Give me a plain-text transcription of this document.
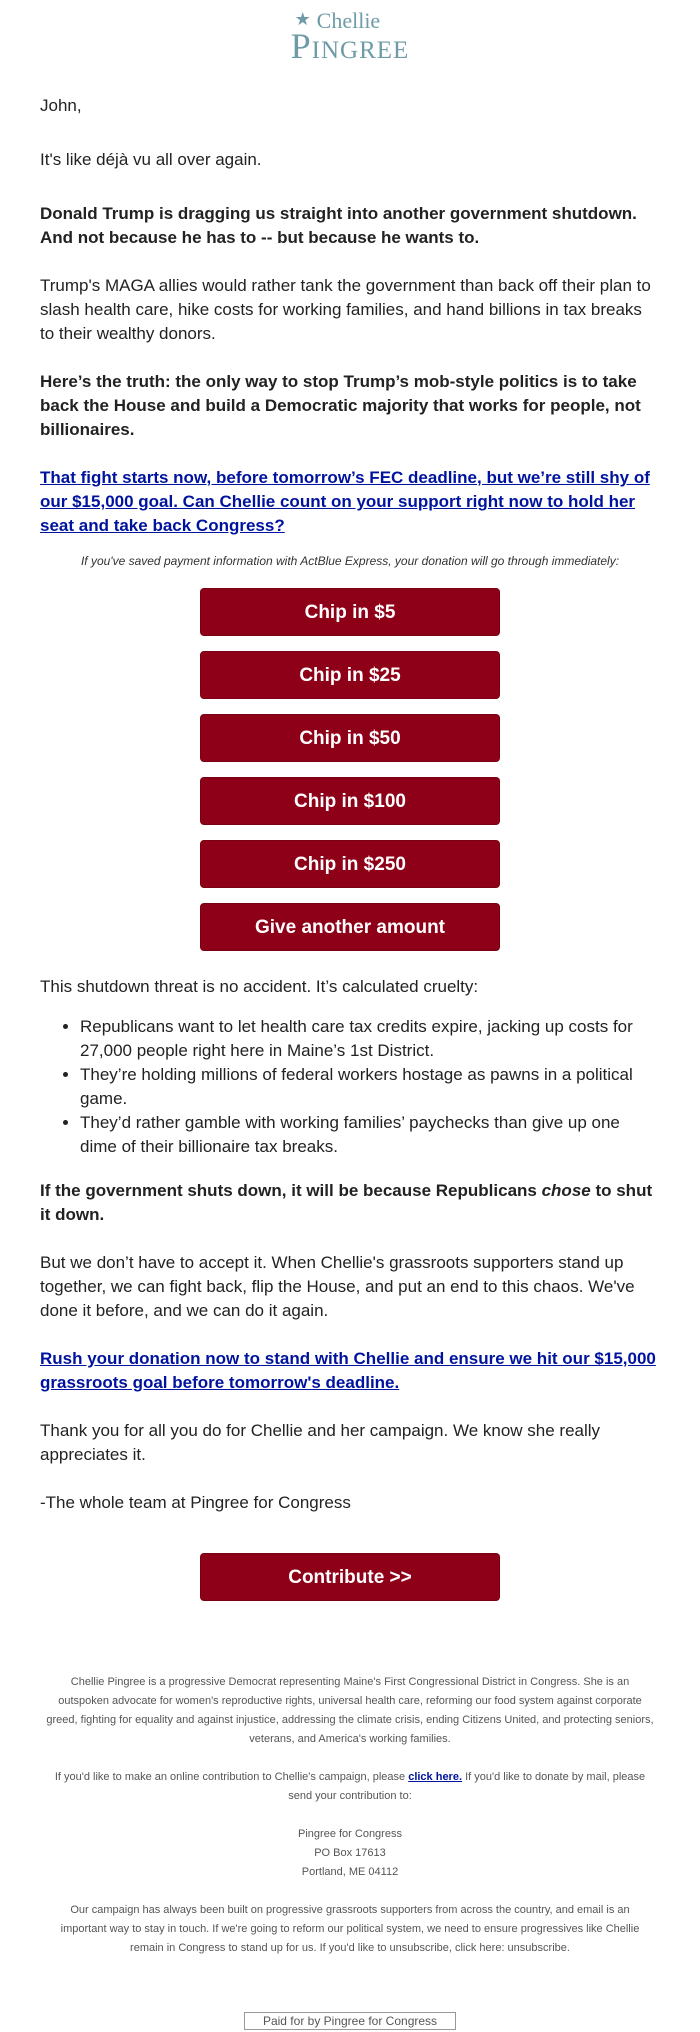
★ Chellie
Pingree

John,

It's like déjà vu all over again.

Donald Trump is dragging us straight into another government shutdown. And not because he has to -- but because he wants to.

Trump's MAGA allies would rather tank the government than back off their plan to slash health care, hike costs for working families, and hand billions in tax breaks to their wealthy donors.

Here’s the truth: the only way to stop Trump’s mob-style politics is to take back the House and build a Democratic majority that works for people, not billionaires.

That fight starts now, before tomorrow’s FEC deadline, but we’re still shy of our $15,000 goal. Can Chellie count on your support right now to hold her seat and take back Congress?

If you've saved payment information with ActBlue Express, your donation will go through immediately:

Chip in $5
Chip in $25
Chip in $50
Chip in $100
Chip in $250
Give another amount

This shutdown threat is no accident. It’s calculated cruelty:

• Republicans want to let health care tax credits expire, jacking up costs for 27,000 people right here in Maine’s 1st District.
• They’re holding millions of federal workers hostage as pawns in a political game.
• They’d rather gamble with working families’ paychecks than give up one dime of their billionaire tax breaks.

If the government shuts down, it will be because Republicans chose to shut it down.

But we don’t have to accept it. When Chellie's grassroots supporters stand up together, we can fight back, flip the House, and put an end to this chaos. We've done it before, and we can do it again.

Rush your donation now to stand with Chellie and ensure we hit our $15,000 grassroots goal before tomorrow's deadline.

Thank you for all you do for Chellie and her campaign. We know she really appreciates it.

-The whole team at Pingree for Congress

Contribute >>

Chellie Pingree is a progressive Democrat representing Maine's First Congressional District in Congress. She is an outspoken advocate for women's reproductive rights, universal health care, reforming our food system against corporate greed, fighting for equality and against injustice, addressing the climate crisis, ending Citizens United, and protecting seniors, veterans, and America's working families.

If you'd like to make an online contribution to Chellie's campaign, please click here. If you'd like to donate by mail, please send your contribution to:

Pingree for Congress
PO Box 17613
Portland, ME 04112

Our campaign has always been built on progressive grassroots supporters from across the country, and email is an important way to stay in touch. If we're going to reform our political system, we need to ensure progressives like Chellie remain in Congress to stand up for us. If you'd like to unsubscribe, click here: unsubscribe.

Paid for by Pingree for Congress
